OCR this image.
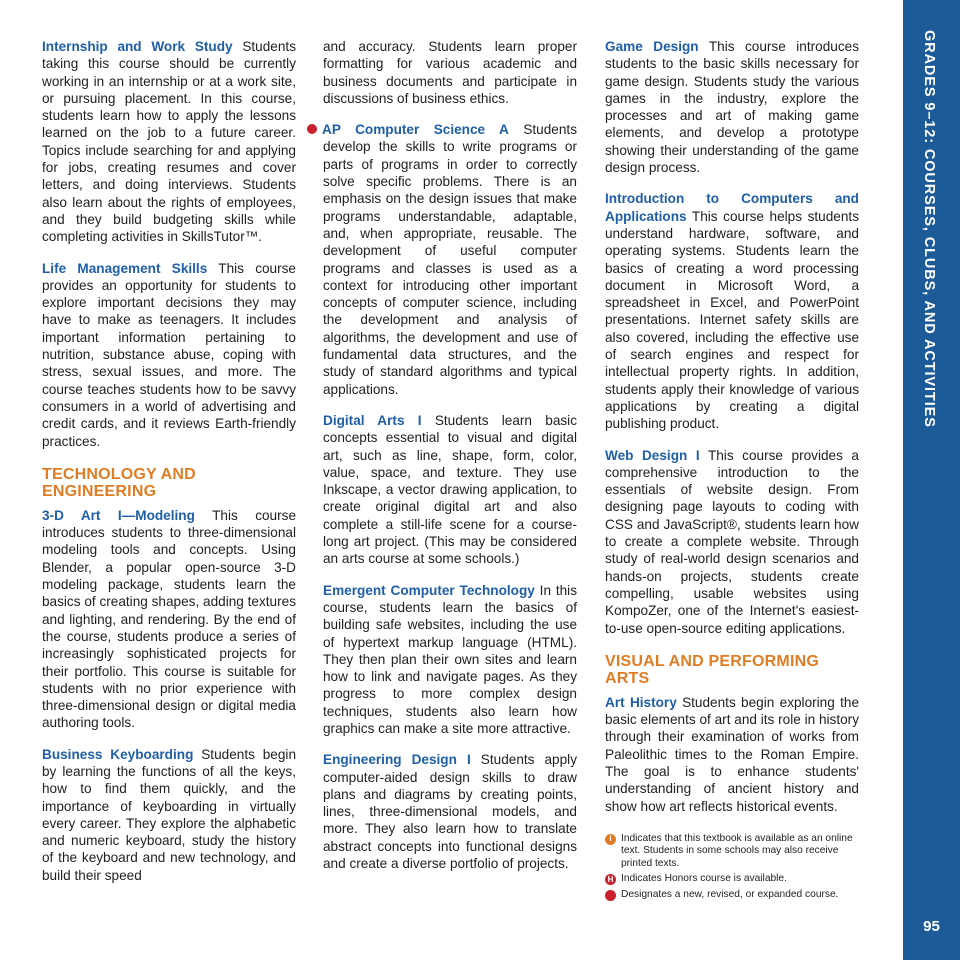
Internship and Work Study Students taking this course should be currently working in an internship or at a work site, or pursuing placement. In this course, students learn how to apply the lessons learned on the job to a future career. Topics include searching for and applying for jobs, creating resumes and cover letters, and doing interviews. Students also learn about the rights of employees, and they build budgeting skills while completing activities in SkillsTutor™.

Life Management Skills This course provides an opportunity for students to explore important decisions they may have to make as teenagers. It includes important information pertaining to nutrition, substance abuse, coping with stress, sexual issues, and more. The course teaches students how to be savvy consumers in a world of advertising and credit cards, and it reviews Earth-friendly practices.

TECHNOLOGY AND ENGINEERING

3-D Art I—Modeling This course introduces students to three-dimensional modeling tools and concepts. Using Blender, a popular open-source 3-D modeling package, students learn the basics of creating shapes, adding textures and lighting, and rendering. By the end of the course, students produce a series of increasingly sophisticated projects for their portfolio. This course is suitable for students with no prior experience with three-dimensional design or digital media authoring tools.

Business Keyboarding Students begin by learning the functions of all the keys, how to find them quickly, and the importance of keyboarding in virtually every career. They explore the alphabetic and numeric keyboard, study the history of the keyboard and new technology, and build their speed

and accuracy. Students learn proper formatting for various academic and business documents and participate in discussions of business ethics.

AP Computer Science A Students develop the skills to write programs or parts of programs in order to correctly solve specific problems. There is an emphasis on the design issues that make programs understandable, adaptable, and, when appropriate, reusable. The development of useful computer programs and classes is used as a context for introducing other important concepts of computer science, including the development and analysis of algorithms, the development and use of fundamental data structures, and the study of standard algorithms and typical applications.

Digital Arts I Students learn basic concepts essential to visual and digital art, such as line, shape, form, color, value, space, and texture. They use Inkscape, a vector drawing application, to create original digital art and also complete a still-life scene for a course-long art project. (This may be considered an arts course at some schools.)

Emergent Computer Technology In this course, students learn the basics of building safe websites, including the use of hypertext markup language (HTML). They then plan their own sites and learn how to link and navigate pages. As they progress to more complex design techniques, students also learn how graphics can make a site more attractive.

Engineering Design I Students apply computer-aided design skills to draw plans and diagrams by creating points, lines, three-dimensional models, and more. They also learn how to translate abstract concepts into functional designs and create a diverse portfolio of projects.

Game Design This course introduces students to the basic skills necessary for game design. Students study the various games in the industry, explore the processes and art of making game elements, and develop a prototype showing their understanding of the game design process.

Introduction to Computers and Applications This course helps students understand hardware, software, and operating systems. Students learn the basics of creating a word processing document in Microsoft Word, a spreadsheet in Excel, and PowerPoint presentations. Internet safety skills are also covered, including the effective use of search engines and respect for intellectual property rights. In addition, students apply their knowledge of various applications by creating a digital publishing product.

Web Design I This course provides a comprehensive introduction to the essentials of website design. From designing page layouts to coding with CSS and JavaScript®, students learn how to create a complete website. Through study of real-world design scenarios and hands-on projects, students create compelling, usable websites using KompoZer, one of the Internet's easiest-to-use open-source editing applications.

VISUAL AND PERFORMING ARTS

Art History Students begin exploring the basic elements of art and its role in history through their examination of works from Paleolithic times to the Roman Empire. The goal is to enhance students' understanding of ancient history and show how art reflects historical events.

i Indicates that this textbook is available as an online text. Students in some schools may also receive printed texts.
H Indicates Honors course is available.
Designates a new, revised, or expanded course.
GRADES 9–12: COURSES, CLUBS, AND ACTIVITIES
95
